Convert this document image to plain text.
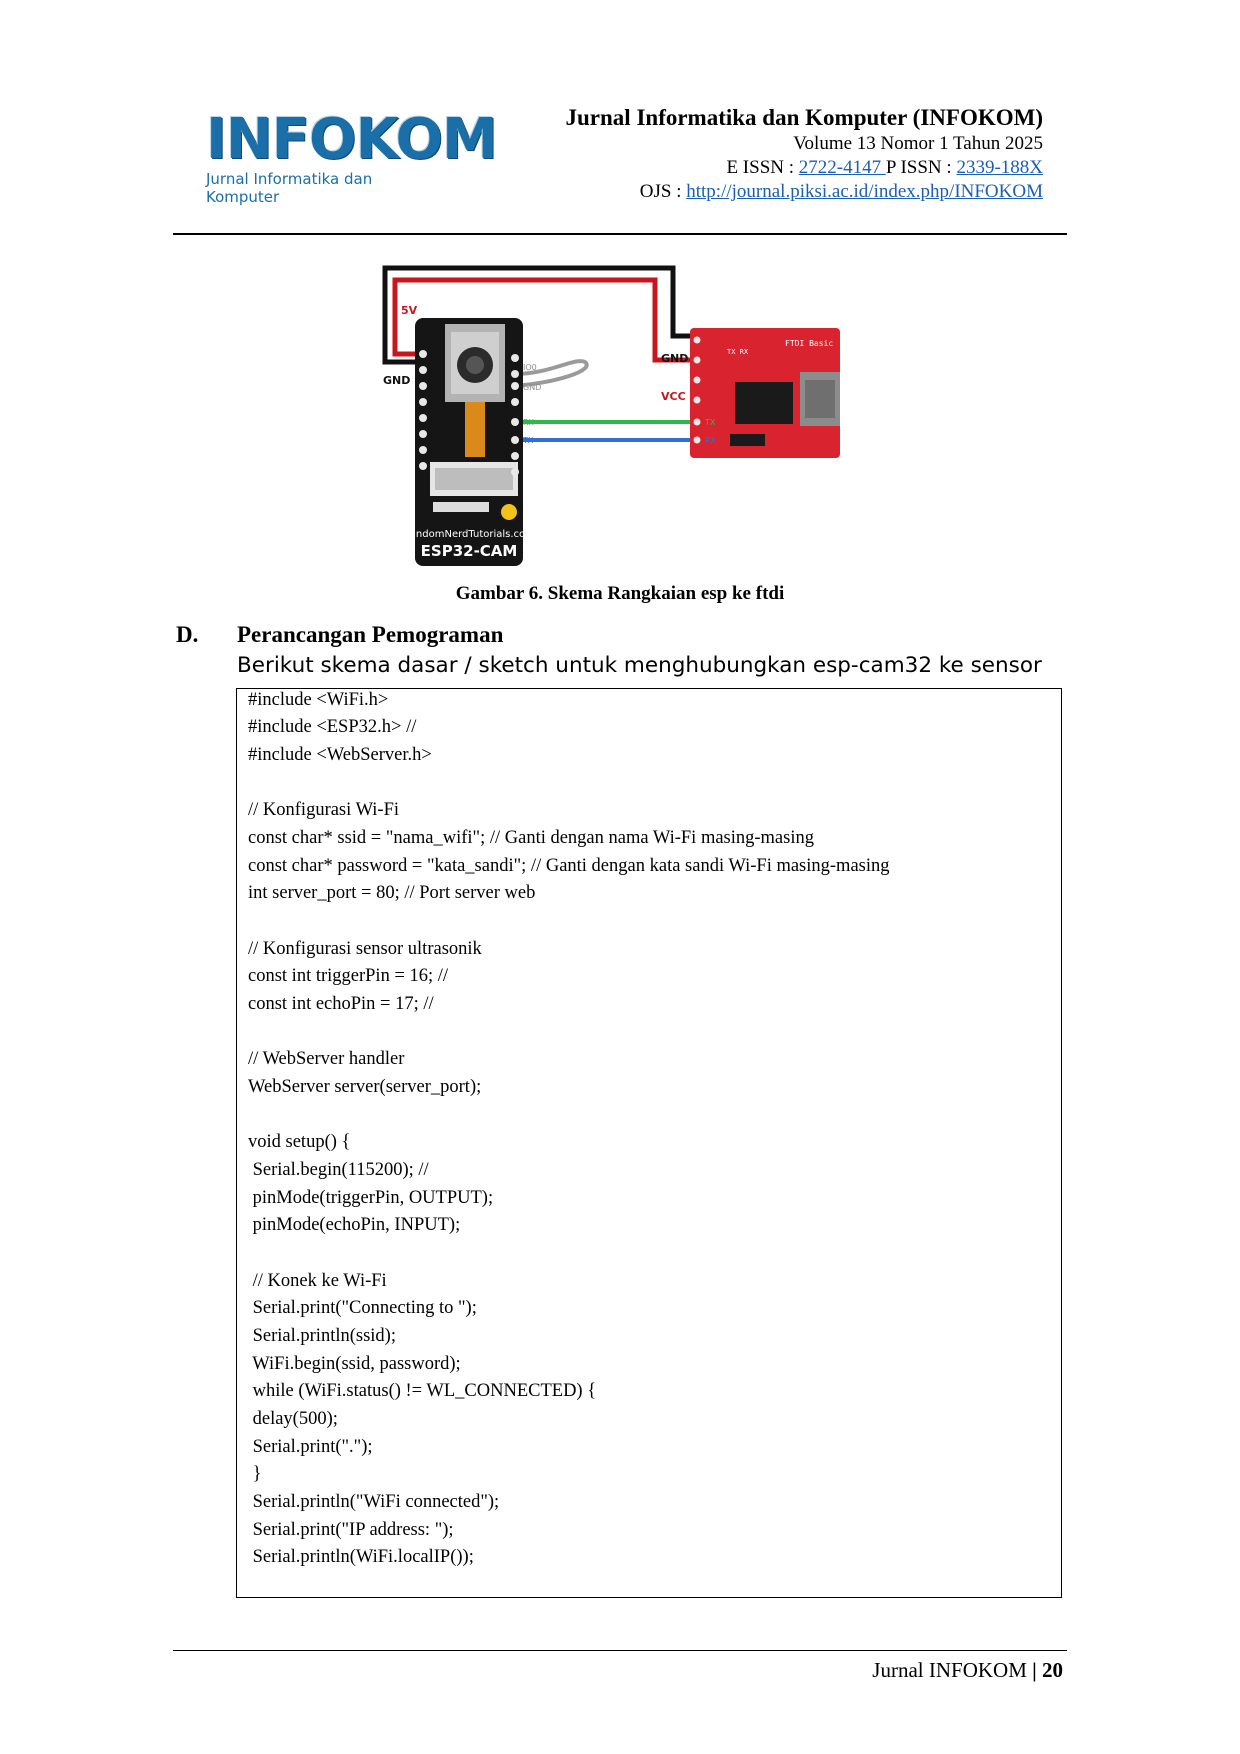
INFOKOM
Jurnal Informatika dan Komputer
Jurnal Informatika dan Komputer (INFOKOM)
Volume 13 Nomor 1 Tahun 2025
E ISSN : 2722-4147 P ISSN : 2339-188X
OJS : http://journal.piksi.ac.id/index.php/INFOKOM
IO0
GND
RX
TX
RandomNerdTutorials.com
ESP32-CAM
5V
GND
GND
VCC
TX
RX
FTDI Basic
TX RX
Gambar 6. Skema Rangkaian esp ke ftdi
D. Perancangan Pemograman
Berikut skema dasar / sketch untuk menghubungkan esp-cam32 ke sensor
#include <WiFi.h>
#include <ESP32.h> //
#include <WebServer.h>
// Konfigurasi Wi-Fi
const char* ssid = "nama_wifi"; // Ganti dengan nama Wi-Fi masing-masing
const char* password = "kata_sandi"; // Ganti dengan kata sandi Wi-Fi masing-masing
int server_port = 80; // Port server web
// Konfigurasi sensor ultrasonik
const int triggerPin = 16; //
const int echoPin = 17; //
// WebServer handler
WebServer server(server_port);
void setup() {
Serial.begin(115200); //
pinMode(triggerPin, OUTPUT);
pinMode(echoPin, INPUT);
// Konek ke Wi-Fi
Serial.print("Connecting to ");
Serial.println(ssid);
WiFi.begin(ssid, password);
while (WiFi.status() != WL_CONNECTED) {
delay(500);
Serial.print(".");
}
Serial.println("WiFi connected");
Serial.print("IP address: ");
Serial.println(WiFi.localIP());
Jurnal INFOKOM | 20
